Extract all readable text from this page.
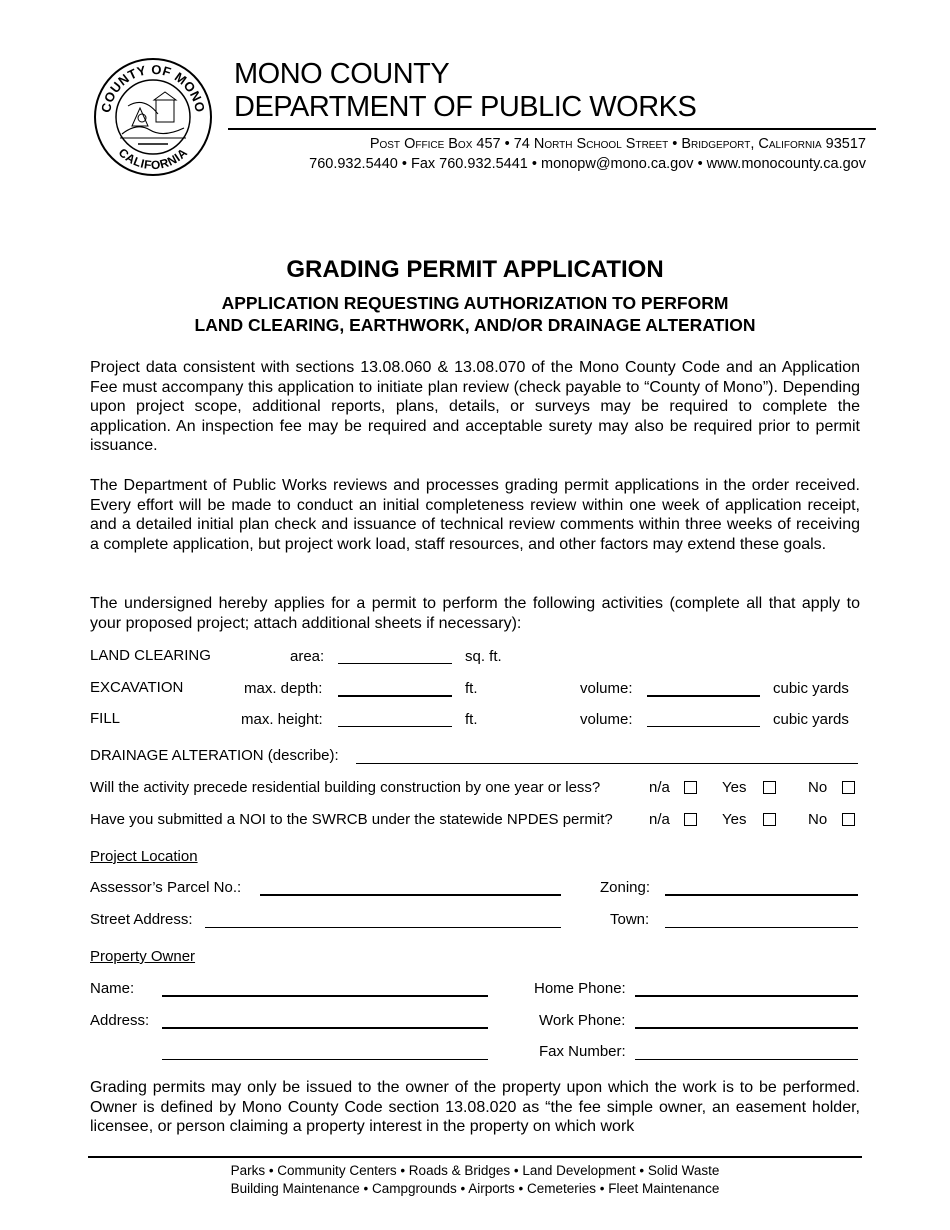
COUNTY OF MONO
CALIFORNIA
MONO COUNTY
DEPARTMENT OF PUBLIC WORKS
Post Office Box 457 • 74 North School Street • Bridgeport, California 93517
760.932.5440 • Fax 760.932.5441 • monopw@mono.ca.gov • www.monocounty.ca.gov
GRADING PERMIT APPLICATION
APPLICATION REQUESTING AUTHORIZATION TO PERFORM
LAND CLEARING, EARTHWORK, AND/OR DRAINAGE ALTERATION
Project data consistent with sections 13.08.060 & 13.08.070 of the Mono County Code and an Application Fee must accompany this application to initiate plan review (check payable to “County of Mono”). Depending upon project scope, additional reports, plans, details, or surveys may be required to complete the application. An inspection fee may be required and acceptable surety may also be required prior to permit issuance.
The Department of Public Works reviews and processes grading permit applications in the order received. Every effort will be made to conduct an initial completeness review within one week of application receipt, and a detailed initial plan check and issuance of technical review comments within three weeks of receiving a complete application, but project work load, staff resources, and other factors may extend these goals.
The undersigned hereby applies for a permit to perform the following activities (complete all that apply to your proposed project; attach additional sheets if necessary):
LAND CLEARING	area:	sq. ft.
EXCAVATION	max. depth:	ft.	volume:	cubic yards
FILL	max. height:	ft.	volume:	cubic yards
DRAINAGE ALTERATION (describe):
Will the activity precede residential building construction by one year or less?	n/a	Yes	No
Have you submitted a NOI to the SWRCB under the statewide NPDES permit? n/a	Yes	No
Project Location
Assessor’s Parcel No.:	Zoning:
Street Address:	Town:
Property Owner
Name:	Home Phone:
Address:	Work Phone:
Fax Number:
Grading permits may only be issued to the owner of the property upon which the work is to be performed. Owner is defined by Mono County Code section 13.08.020 as “the fee simple owner, an easement holder, licensee, or person claiming a property interest in the property on which work
Parks • Community Centers • Roads & Bridges • Land Development • Solid Waste
Building Maintenance • Campgrounds • Airports • Cemeteries • Fleet Maintenance
